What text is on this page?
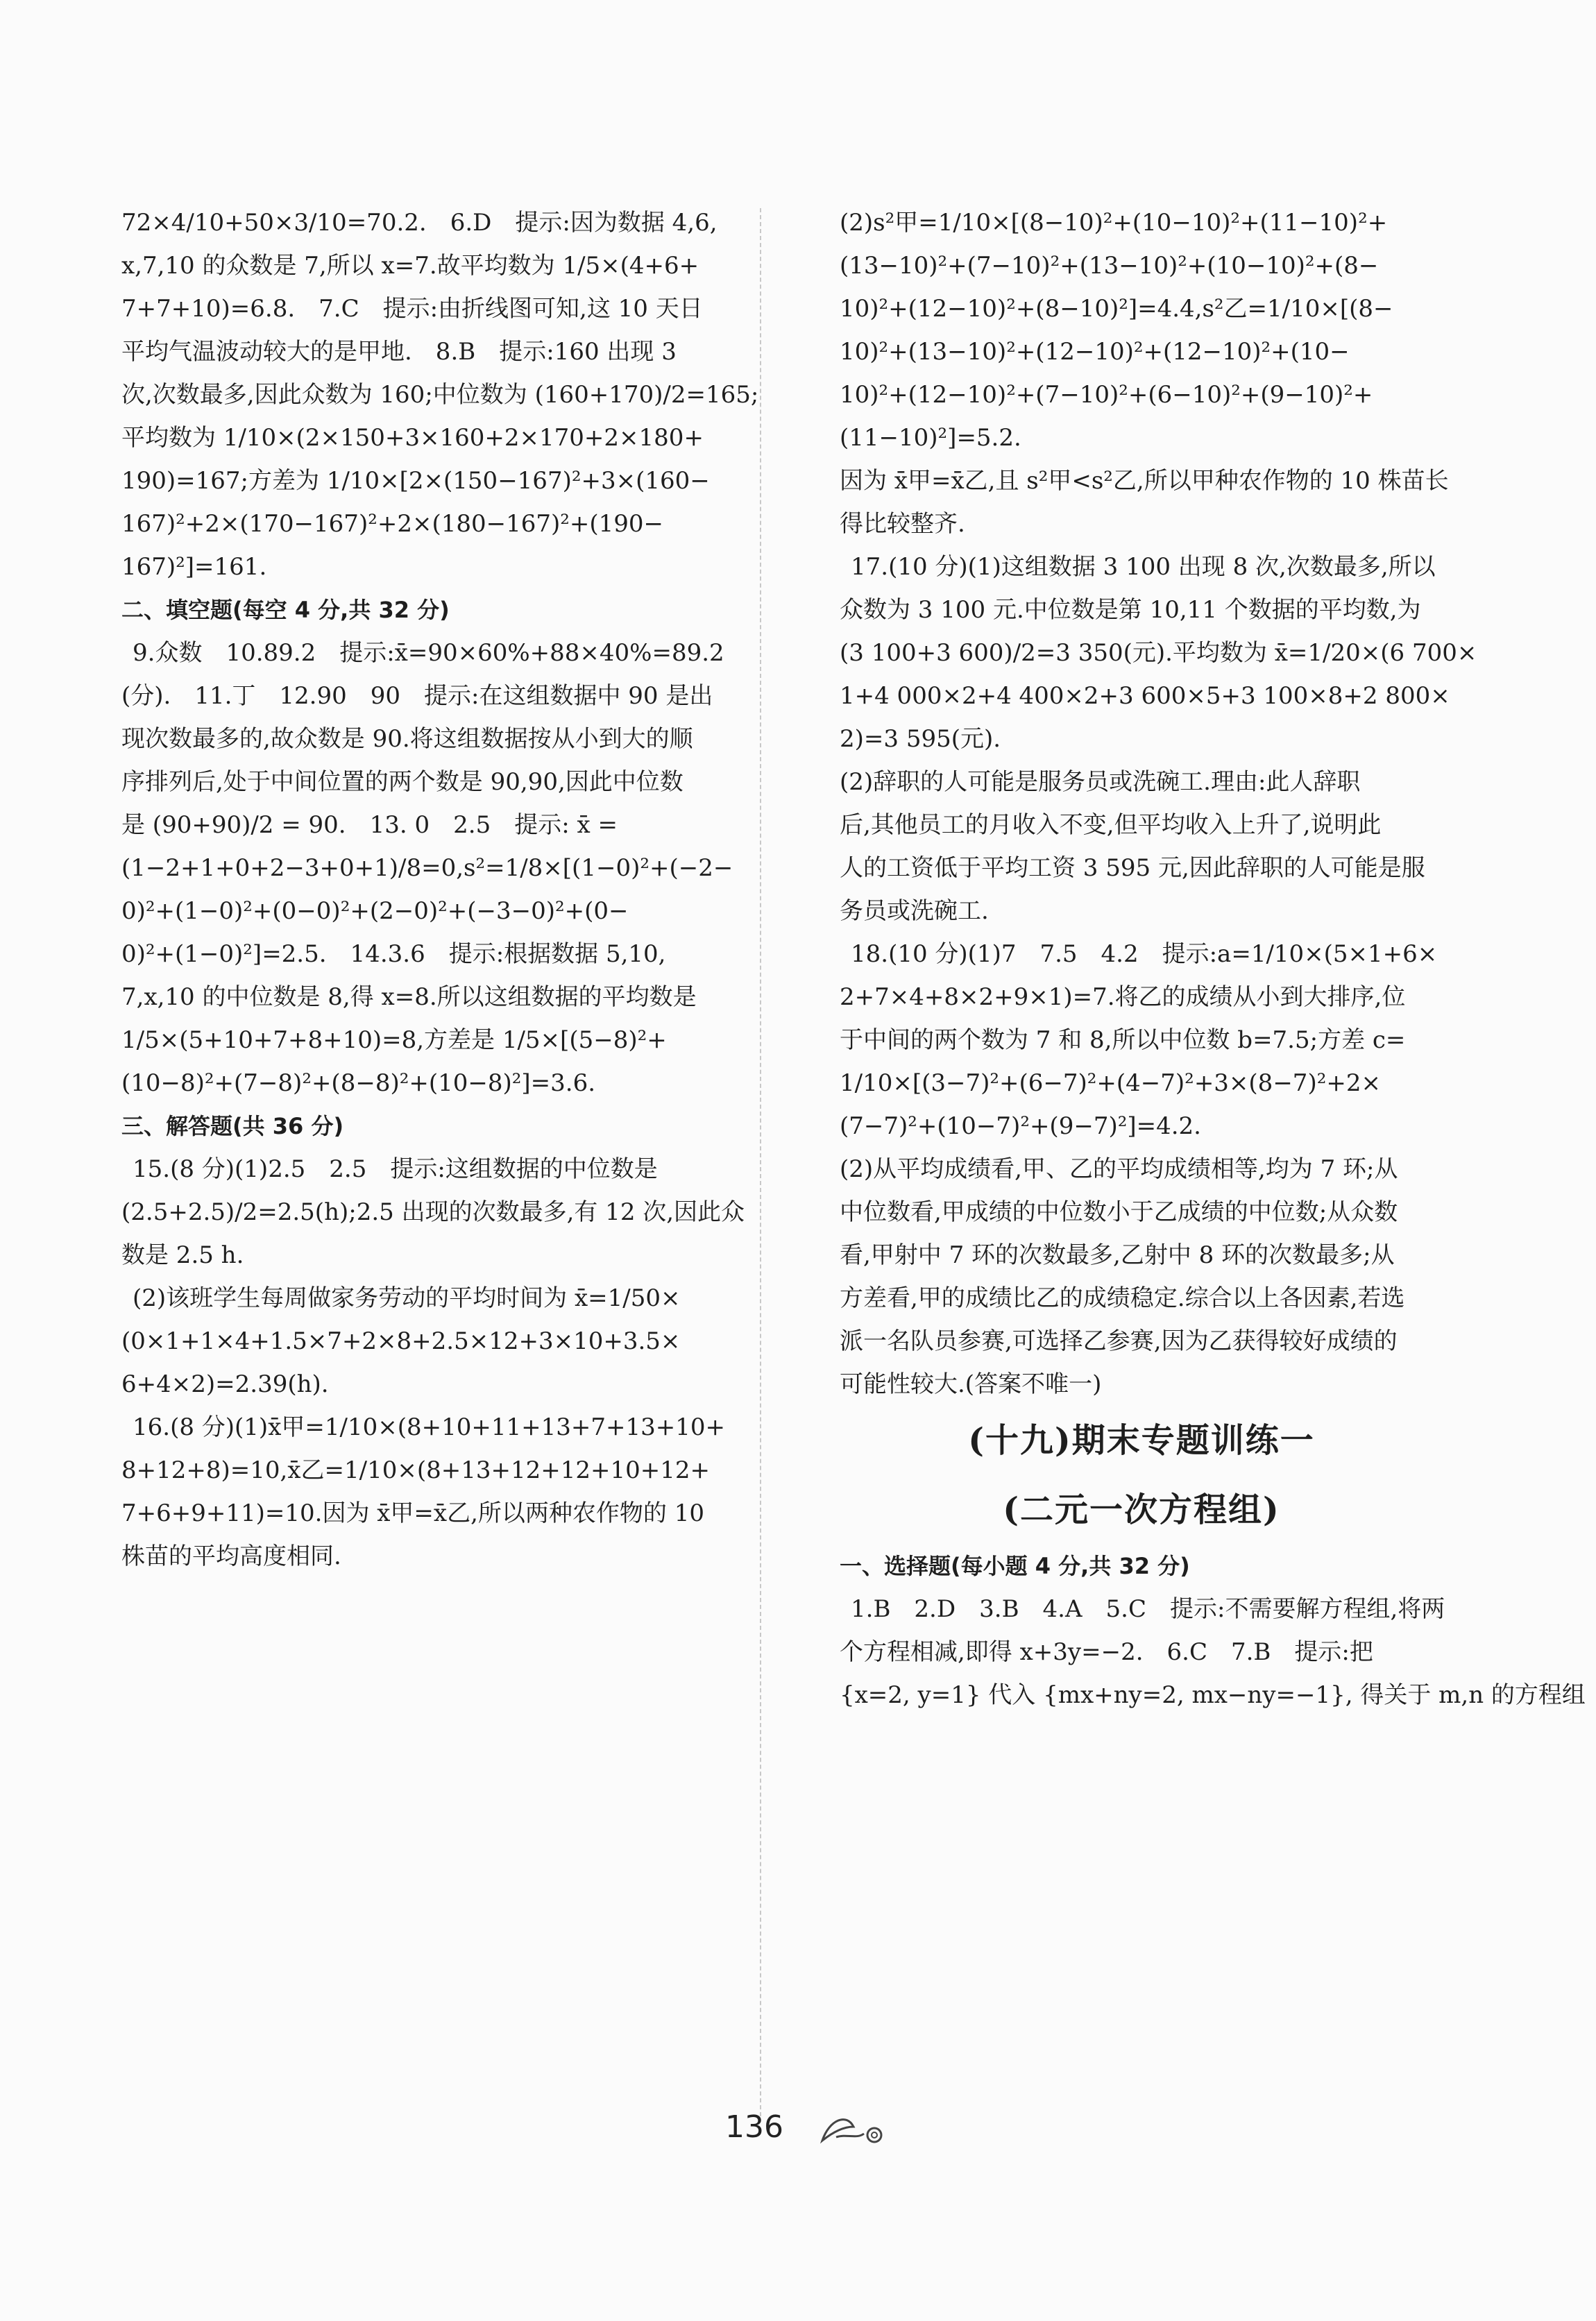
72×4/10+50×3/10=70.2.　6.D　提示:因为数据 4,6,

x,7,10 的众数是 7,所以 x=7.故平均数为 1/5×(4+6+

7+7+10)=6.8.　7.C　提示:由折线图可知,这 10 天日

平均气温波动较大的是甲地.　8.B　提示:160 出现 3

次,次数最多,因此众数为 160;中位数为 (160+170)/2=165;

平均数为 1/10×(2×150+3×160+2×170+2×180+

190)=167;方差为 1/10×[2×(150−167)²+3×(160−

167)²+2×(170−167)²+2×(180−167)²+(190−

167)²]=161.

二、填空题(每空 4 分,共 32 分)

9.众数　10.89.2　提示:x̄=90×60%+88×40%=89.2

(分).　11.丁　12.90　90　提示:在这组数据中 90 是出

现次数最多的,故众数是 90.将这组数据按从小到大的顺

序排列后,处于中间位置的两个数是 90,90,因此中位数

是 (90+90)/2 = 90.　13. 0　2.5　提示: x̄ =

(1−2+1+0+2−3+0+1)/8=0,s²=1/8×[(1−0)²+(−2−

0)²+(1−0)²+(0−0)²+(2−0)²+(−3−0)²+(0−

0)²+(1−0)²]=2.5.　14.3.6　提示:根据数据 5,10,

7,x,10 的中位数是 8,得 x=8.所以这组数据的平均数是

1/5×(5+10+7+8+10)=8,方差是 1/5×[(5−8)²+

(10−8)²+(7−8)²+(8−8)²+(10−8)²]=3.6.

三、解答题(共 36 分)

15.(8 分)(1)2.5　2.5　提示:这组数据的中位数是

(2.5+2.5)/2=2.5(h);2.5 出现的次数最多,有 12 次,因此众

数是 2.5 h.

(2)该班学生每周做家务劳动的平均时间为 x̄=1/50×

(0×1+1×4+1.5×7+2×8+2.5×12+3×10+3.5×

6+4×2)=2.39(h).

16.(8 分)(1)x̄甲=1/10×(8+10+11+13+7+13+10+

8+12+8)=10,x̄乙=1/10×(8+13+12+12+10+12+

7+6+9+11)=10.因为 x̄甲=x̄乙,所以两种农作物的 10

株苗的平均高度相同.

(2)s²甲=1/10×[(8−10)²+(10−10)²+(11−10)²+

(13−10)²+(7−10)²+(13−10)²+(10−10)²+(8−

10)²+(12−10)²+(8−10)²]=4.4,s²乙=1/10×[(8−

10)²+(13−10)²+(12−10)²+(12−10)²+(10−

10)²+(12−10)²+(7−10)²+(6−10)²+(9−10)²+

(11−10)²]=5.2.

因为 x̄甲=x̄乙,且 s²甲<s²乙,所以甲种农作物的 10 株苗长

得比较整齐.

17.(10 分)(1)这组数据 3 100 出现 8 次,次数最多,所以

众数为 3 100 元.中位数是第 10,11 个数据的平均数,为

(3 100+3 600)/2=3 350(元).平均数为 x̄=1/20×(6 700×

1+4 000×2+4 400×2+3 600×5+3 100×8+2 800×

2)=3 595(元).

(2)辞职的人可能是服务员或洗碗工.理由:此人辞职

后,其他员工的月收入不变,但平均收入上升了,说明此

人的工资低于平均工资 3 595 元,因此辞职的人可能是服

务员或洗碗工.

18.(10 分)(1)7　7.5　4.2　提示:a=1/10×(5×1+6×

2+7×4+8×2+9×1)=7.将乙的成绩从小到大排序,位

于中间的两个数为 7 和 8,所以中位数 b=7.5;方差 c=

1/10×[(3−7)²+(6−7)²+(4−7)²+3×(8−7)²+2×

(7−7)²+(10−7)²+(9−7)²]=4.2.

(2)从平均成绩看,甲、乙的平均成绩相等,均为 7 环;从

中位数看,甲成绩的中位数小于乙成绩的中位数;从众数

看,甲射中 7 环的次数最多,乙射中 8 环的次数最多;从

方差看,甲的成绩比乙的成绩稳定.综合以上各因素,若选

派一名队员参赛,可选择乙参赛,因为乙获得较好成绩的

可能性较大.(答案不唯一)

(十九)期末专题训练一

(二元一次方程组)

一、选择题(每小题 4 分,共 32 分)

1.B　2.D　3.B　4.A　5.C　提示:不需要解方程组,将两

个方程相减,即得 x+3y=−2.　6.C　7.B　提示:把

{x=2, y=1} 代入 {mx+ny=2, mx−ny=−1}, 得关于 m,n 的方程组

136
